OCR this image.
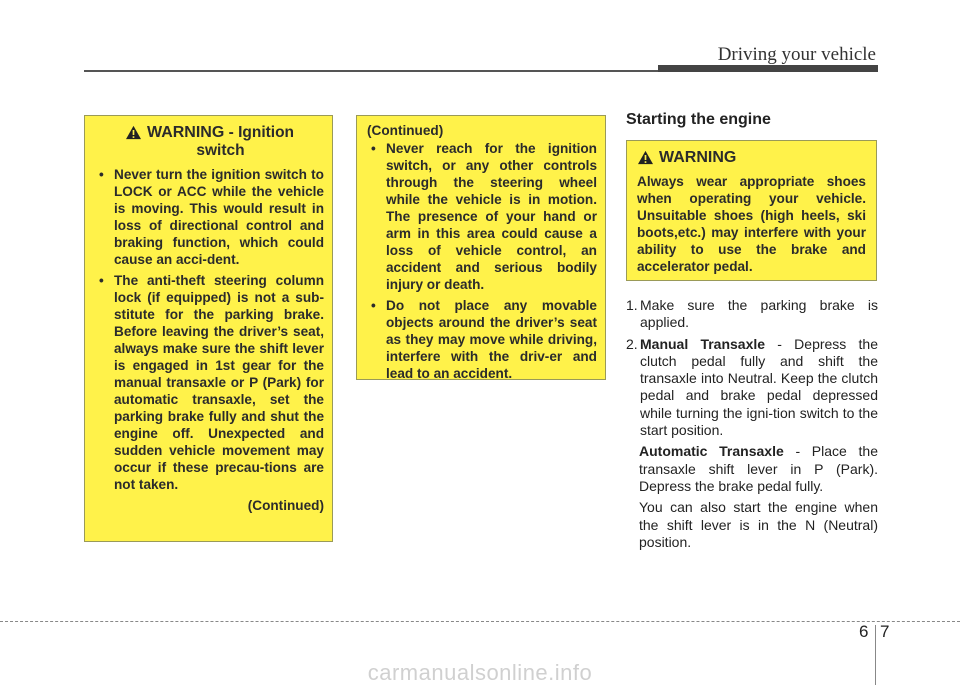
Driving your vehicle
WARNING - Ignition
switch
• Never turn the ignition switch to LOCK or ACC while the vehicle is moving. This would result in loss of directional control and braking function, which could cause an acci-dent.
• The anti-theft steering column lock (if equipped) is not a sub-stitute for the parking brake. Before leaving the driver’s seat, always make sure the shift lever is engaged in 1st gear for the manual transaxle or P (Park) for automatic transaxle, set the parking brake fully and shut the engine off. Unexpected and sudden vehicle movement may occur if these precau-tions are not taken.
(Continued)
(Continued)
• Never reach for the ignition switch, or any other controls through the steering wheel while the vehicle is in motion. The presence of your hand or arm in this area could cause a loss of vehicle control, an accident and serious bodily injury or death.
• Do not place any movable objects around the driver’s seat as they may move while driving, interfere with the driv-er and lead to an accident.
Starting the engine
WARNING
Always wear appropriate shoes when operating your vehicle. Unsuitable shoes (high heels, ski boots,etc.) may interfere with your ability to use the brake and accelerator pedal.
1. Make sure the parking brake is applied.
2. Manual Transaxle - Depress the clutch pedal fully and shift the transaxle into Neutral. Keep the clutch pedal and brake pedal depressed while turning the igni-tion switch to the start position.
Automatic Transaxle - Place the transaxle shift lever in P (Park). Depress the brake pedal fully.
You can also start the engine when the shift lever is in the N (Neutral) position.
6 7
carmanualsonline.info
